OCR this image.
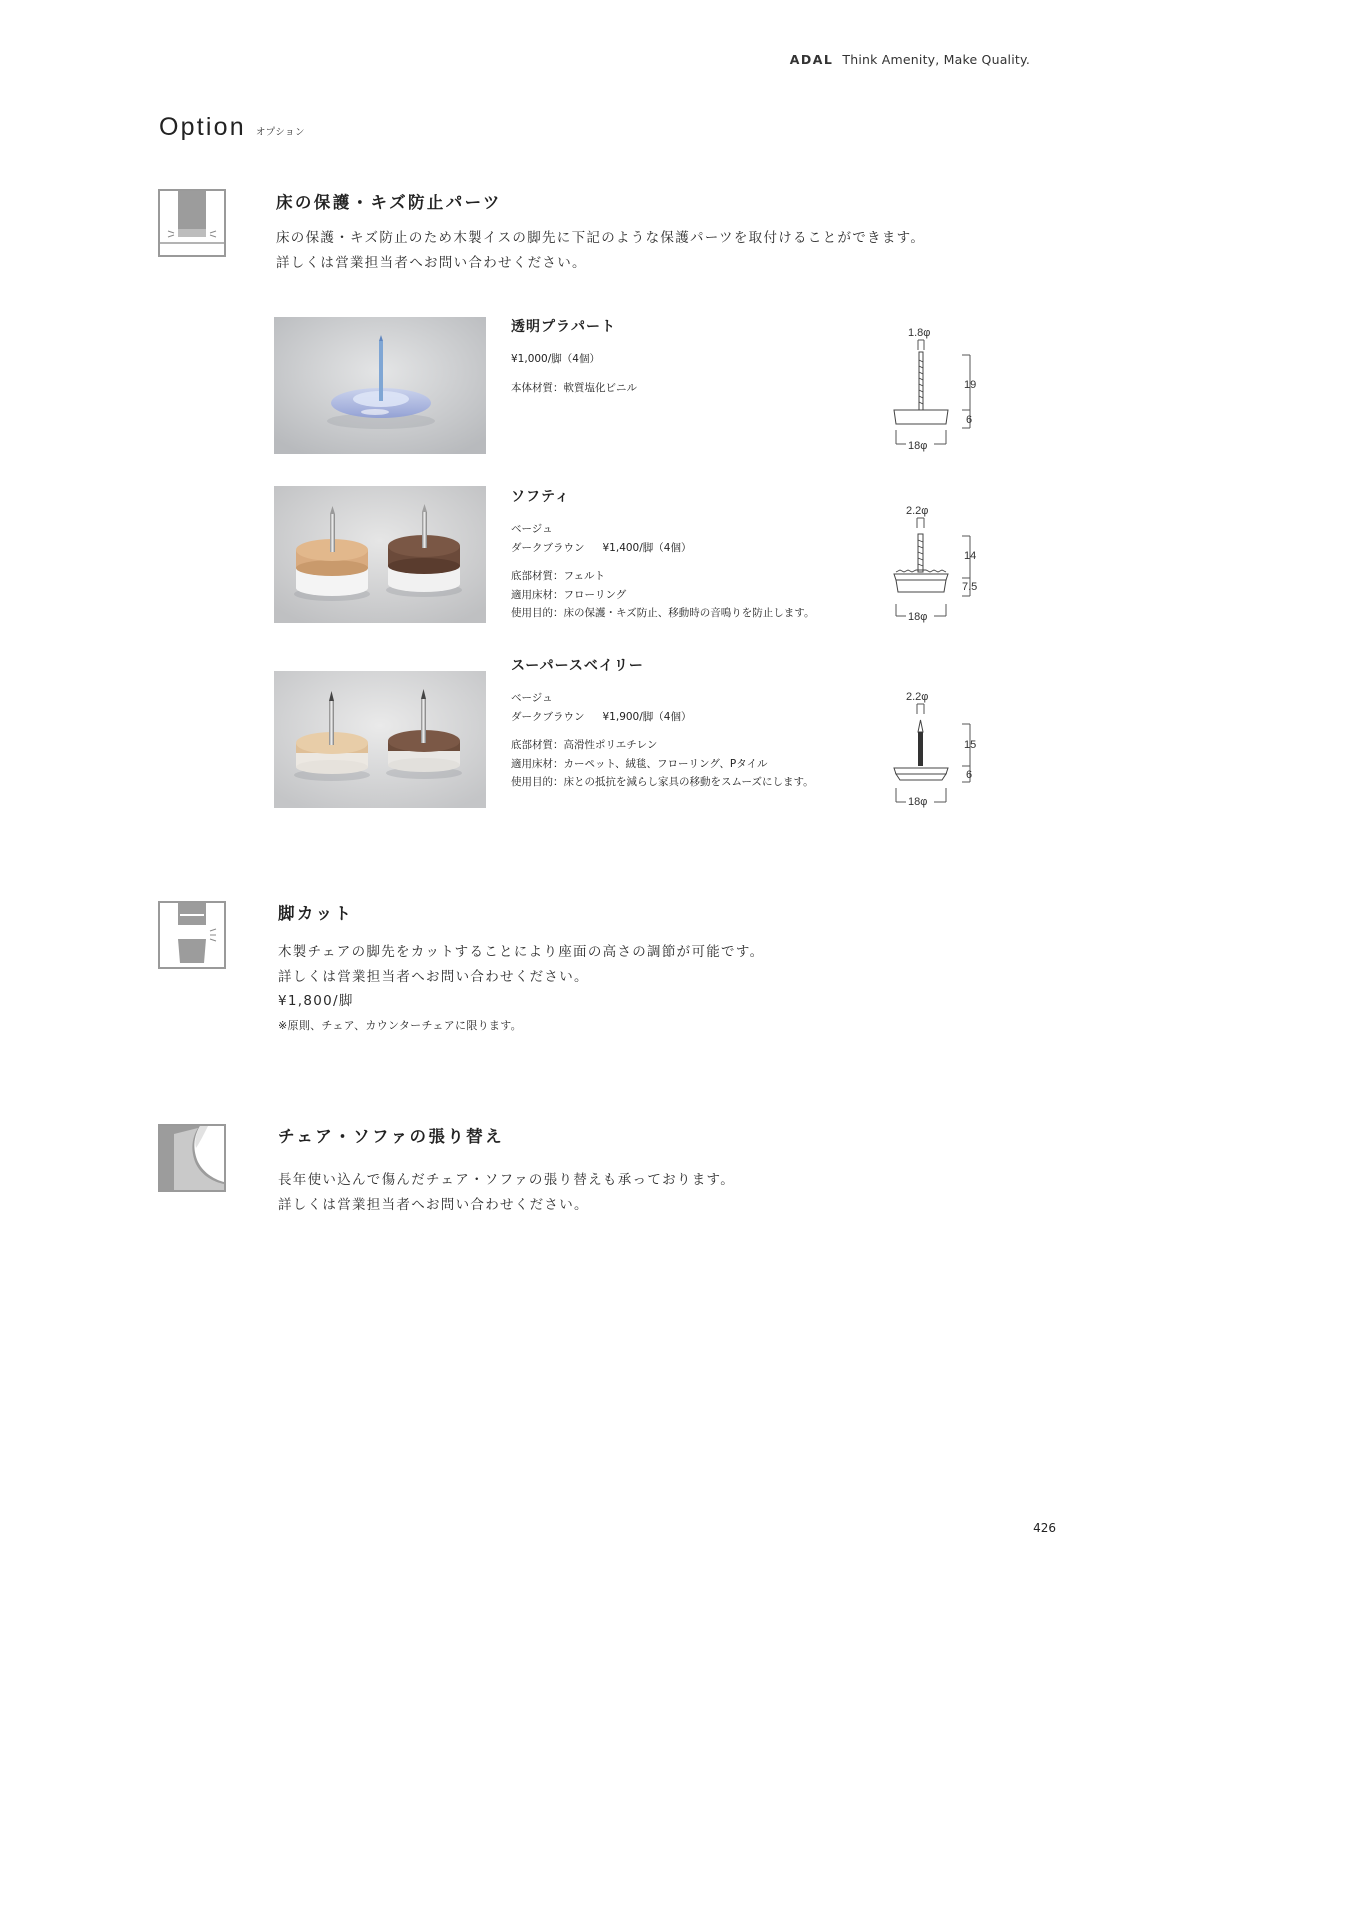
ADAL Think Amenity, Make Quality.
Option オプション
床の保護・キズ防止パーツ
床の保護・キズ防止のため木製イスの脚先に下記のような保護パーツを取付けることができます。
詳しくは営業担当者へお問い合わせください。
透明プラパート
¥1,000/脚（4個）
本体材質：軟質塩化ビニル
1.8φ
18φ
19
6
ソフティ
ベージュ
ダークブラウン ¥1,400/脚（4個）
底部材質：フェルト
適用床材：フローリング
使用目的：床の保護・キズ防止、移動時の音鳴りを防止します。
2.2φ
18φ
14
7.5
スーパースベイリー
ベージュ
ダークブラウン ¥1,900/脚（4個）
底部材質：高滑性ポリエチレン
適用床材：カーペット、絨毯、フローリング、Pタイル
使用目的：床との抵抗を減らし家具の移動をスムーズにします。
2.2φ
18φ
15
6
脚カット
木製チェアの脚先をカットすることにより座面の高さの調節が可能です。
詳しくは営業担当者へお問い合わせください。
¥1,800/脚
※原則、チェア、カウンターチェアに限ります。
チェア・ソファの張り替え
長年使い込んで傷んだチェア・ソファの張り替えも承っております。
詳しくは営業担当者へお問い合わせください。
426
